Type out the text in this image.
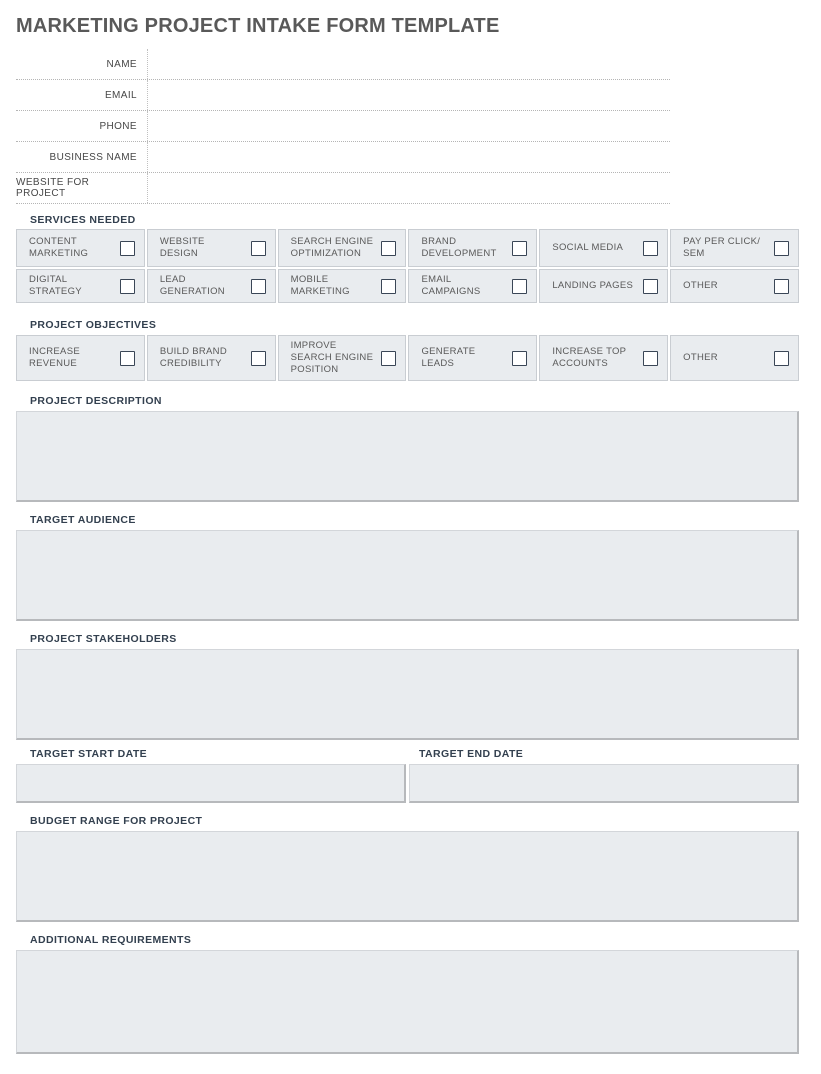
MARKETING PROJECT INTAKE FORM TEMPLATE
NAME
EMAIL
PHONE
BUSINESS NAME
WEBSITE FOR PROJECT
SERVICES NEEDED
CONTENT MARKETING
WEBSITE DESIGN
SEARCH ENGINE OPTIMIZATION
BRAND DEVELOPMENT
SOCIAL MEDIA
PAY PER CLICK/ SEM
DIGITAL STRATEGY
LEAD GENERATION
MOBILE MARKETING
EMAIL CAMPAIGNS
LANDING PAGES	OTHER
PROJECT OBJECTIVES
INCREASE REVENUE
BUILD BRAND CREDIBILITY
IMPROVE SEARCH ENGINE POSITION
GENERATE LEADS
INCREASE TOP ACCOUNTS
OTHER
PROJECT DESCRIPTION
TARGET AUDIENCE
PROJECT STAKEHOLDERS
TARGET START DATE	TARGET END DATE
BUDGET RANGE FOR PROJECT
ADDITIONAL REQUIREMENTS
